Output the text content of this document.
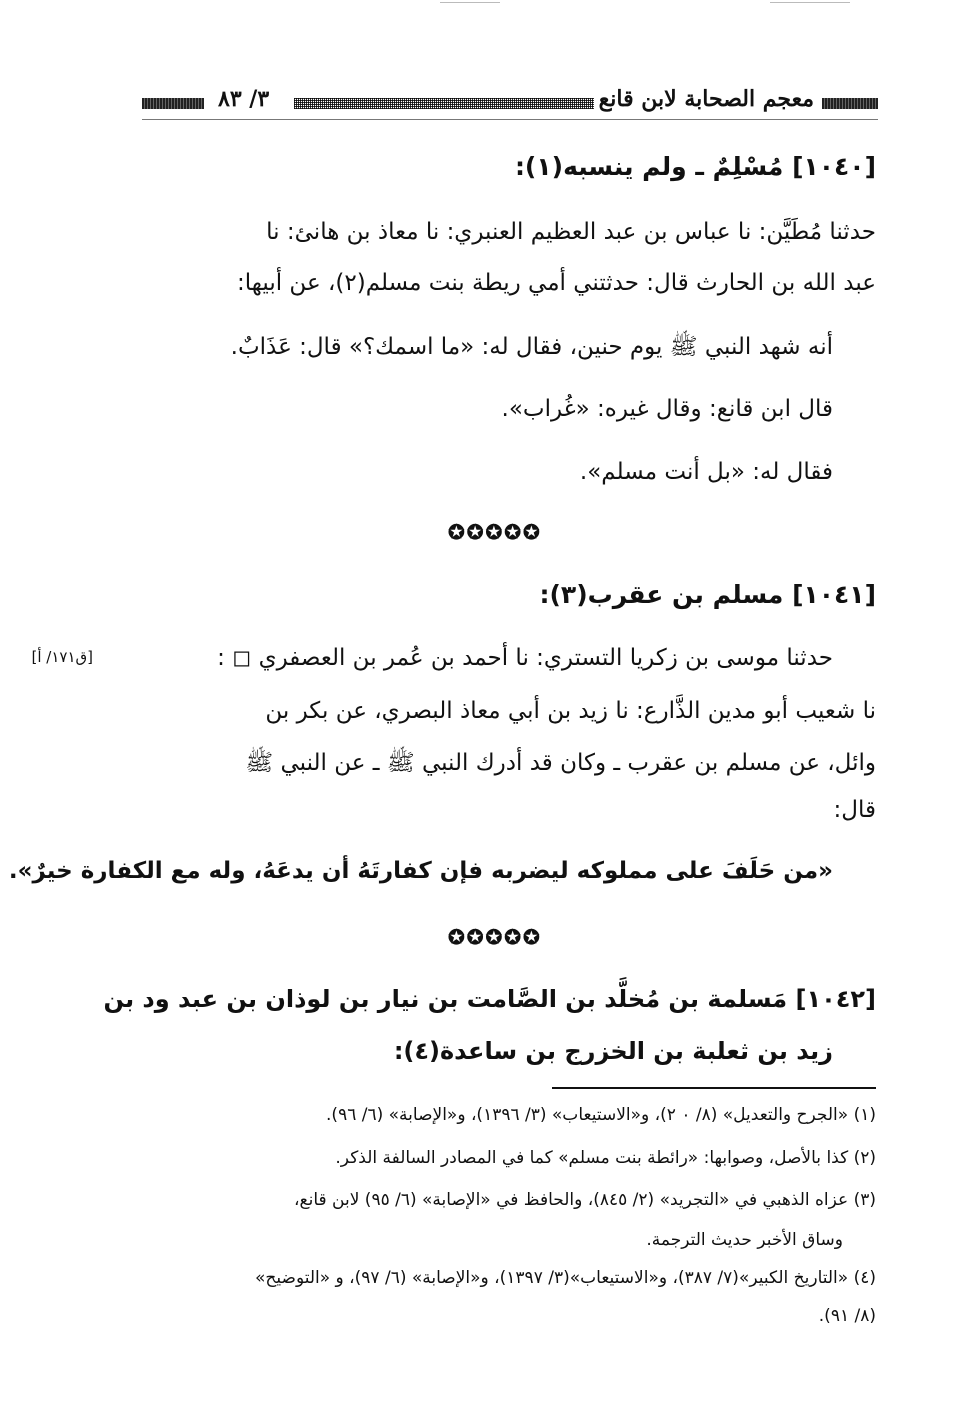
٣/ ٨٣	معجم الصحابة لابن قانع
[١٠٤٠] مُسْلِمٌ ـ ولم ينسبه(١):
حدثنا مُطَيَّن: نا عباس بن عبد العظيم العنبري: نا معاذ بن هانئ: نا
عبد الله بن الحارث قال: حدثتني أمي ريطة بنت مسلم(٢)، عن أبيها:
أنه شهد النبي ﷺ يوم حنين، فقال له: «ما اسمك؟» قال: عَذَابٌ.
قال ابن قانع: وقال غيره: «غُراب».
فقال له: «بل أنت مسلم».
✪✪✪✪✪
[١٠٤١] مسلم بن عقرب(٣):
حدثنا موسى بن زكريا التستري: نا أحمد بن عُمر بن العصفري ◻ :
[ق١٧١/ أ]
نا شعيب أبو مدين الذَّارع: نا زيد بن أبي معاذ البصري، عن بكر بن
وائل، عن مسلم بن عقرب ـ وكان قد أدرك النبي ﷺ ـ عن النبي ﷺ
قال:
«من حَلَفَ على مملوكه ليضربه فإن كفارتَهُ أن يدعَهُ، وله مع الكفارة خيرٌ».
✪✪✪✪✪
[١٠٤٢] مَسلمة بن مُخلَّد بن الصَّامت بن نيار بن لوذان بن عبد ود بن
زيد بن ثعلبة بن الخزرج بن ساعدة(٤):
(١) «الجرح والتعديل» (٨/ ٠ ٢)، و«الاستيعاب» (٣/ ١٣٩٦)، و«الإصابة» (٦/ ٩٦).
(٢) كذا بالأصل، وصوابها: «رائطة بنت مسلم» كما في المصادر السالفة الذكر.
(٣) عزاه الذهبي في «التجريد» (٢/ ٨٤٥)، والحافظ في «الإصابة» (٦/ ٩٥) لابن قانع،
وساق الأخبر حديث الترجمة.
(٤) «التاريخ الكبير»(٧/ ٣٨٧)، و«الاستيعاب»(٣/ ١٣٩٧)، و«الإصابة» (٦/ ٩٧)، و «التوضيح»
(٨/ ٩١).
